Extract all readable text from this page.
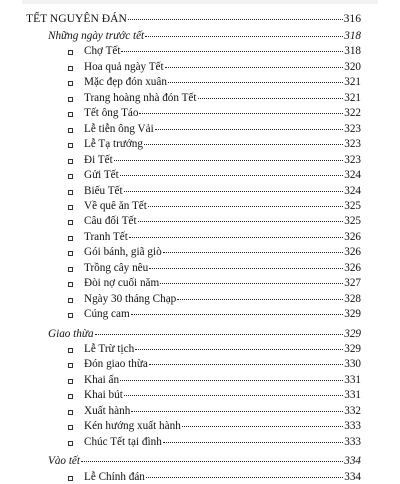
TẾT NGUYÊN ĐÁN	316
Những ngày trước tết	318
Chợ Tết	318
Hoa quả ngày Tết	320
Mặc đẹp đón xuân	321
Trang hoàng nhà đón Tết	321
Tết ông Táo	322
Lễ tiễn ông Vải	323
Lễ Tạ trướng	323
Đi Tết	323
Gửi Tết	324
Biếu Tết	324
Về quê ăn Tết	325
Câu đối Tết	325
Tranh Tết	326
Gói bánh, giã giò	326
Trồng cây nêu	326
Đòi nợ cuối năm	327
Ngày 30 tháng Chạp	328
Cúng cam	329
Giao thừa	329
Lễ Trừ tịch	329
Đón giao thừa	330
Khai ấn	331
Khai bút	331
Xuất hành	332
Kén hướng xuất hành	333
Chúc Tết tại đình	333
Vào tết	334
Lễ Chính đán	334
